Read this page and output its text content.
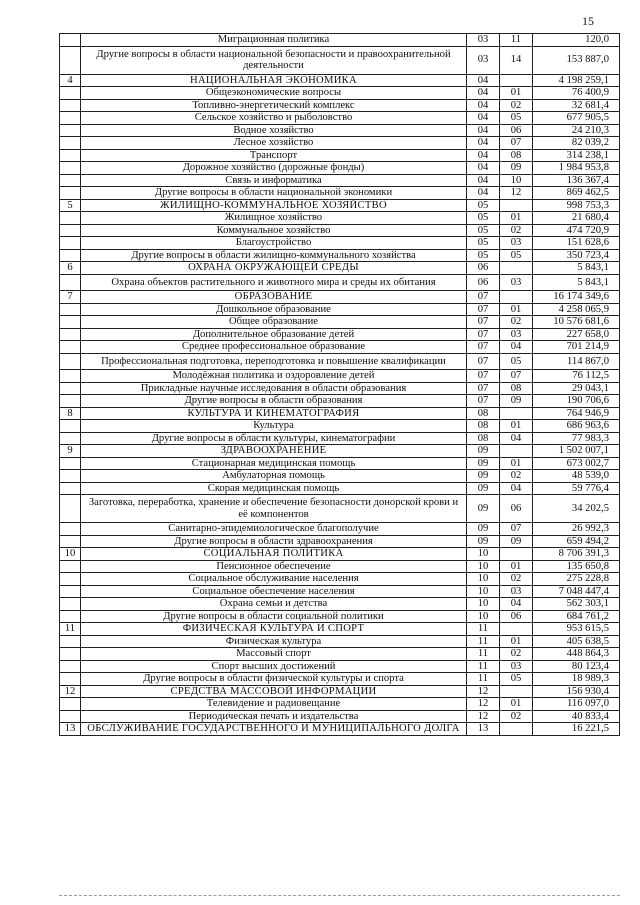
15
	Миграционная политика	03	11	120,0
	Другие вопросы в области национальной безопасности и правоохранительной деятельности	03	14	153 887,0
4	НАЦИОНАЛЬНАЯ ЭКОНОМИКА	04		4 198 259,1
	Общеэкономические вопросы	04	01	76 400,9
	Топливно-энергетический комплекс	04	02	32 681,4
	Сельское хозяйство и рыболовство	04	05	677 905,5
	Водное хозяйство	04	06	24 210,3
	Лесное хозяйство	04	07	82 039,2
	Транспорт	04	08	314 238,1
	Дорожное хозяйство (дорожные фонды)	04	09	1 984 953,8
	Связь и информатика	04	10	136 367,4
	Другие вопросы в области национальной экономики	04	12	869 462,5
5	ЖИЛИЩНО-КОММУНАЛЬНОЕ ХОЗЯЙСТВО	05		998 753,3
	Жилищное хозяйство	05	01	21 680,4
	Коммунальное хозяйство	05	02	474 720,9
	Благоустройство	05	03	151 628,6
	Другие вопросы в области жилищно-коммунального хозяйства	05	05	350 723,4
6	ОХРАНА ОКРУЖАЮЩЕЙ СРЕДЫ	06		5 843,1
	Охрана объектов растительного и животного мира и среды их обитания	06	03	5 843,1
7	ОБРАЗОВАНИЕ	07		16 174 349,6
	Дошкольное образование	07	01	4 258 065,9
	Общее образование	07	02	10 576 681,6
	Дополнительное образование детей	07	03	227 658,0
	Среднее профессиональное образование	07	04	701 214,9
	Профессиональная подготовка, переподготовка и повышение квалификации	07	05	114 867,0
	Молодёжная политика и оздоровление детей	07	07	76 112,5
	Прикладные научные исследования в области образования	07	08	29 043,1
	Другие вопросы в области образования	07	09	190 706,6
8	КУЛЬТУРА И КИНЕМАТОГРАФИЯ	08		764 946,9
	Культура	08	01	686 963,6
	Другие вопросы в области культуры, кинематографии	08	04	77 983,3
9	ЗДРАВООХРАНЕНИЕ	09		1 502 007,1
	Стационарная медицинская помощь	09	01	673 002,7
	Амбулаторная помощь	09	02	48 539,0
	Скорая медицинская помощь	09	04	59 776,4
	Заготовка, переработка, хранение и обеспечение безопасности донорской крови и её компонентов	09	06	34 202,5
	Санитарно-эпидемиологическое благополучие	09	07	26 992,3
	Другие вопросы в области здравоохранения	09	09	659 494,2
10	СОЦИАЛЬНАЯ ПОЛИТИКА	10		8 706 391,3
	Пенсионное обеспечение	10	01	135 650,8
	Социальное обслуживание населения	10	02	275 228,8
	Социальное обеспечение населения	10	03	7 048 447,4
	Охрана семьи и детства	10	04	562 303,1
	Другие вопросы в области социальной политики	10	06	684 761,2
11	ФИЗИЧЕСКАЯ КУЛЬТУРА И СПОРТ	11		953 615,5
	Физическая культура	11	01	405 638,5
	Массовый спорт	11	02	448 864,3
	Спорт высших достижений	11	03	80 123,4
	Другие вопросы в области физической культуры и спорта	11	05	18 989,3
12	СРЕДСТВА МАССОВОЙ ИНФОРМАЦИИ	12		156 930,4
	Телевидение и радиовещание	12	01	116 097,0
	Периодическая печать и издательства	12	02	40 833,4
13	ОБСЛУЖИВАНИЕ ГОСУДАРСТВЕННОГО И МУНИЦИПАЛЬНОГО ДОЛГА	13		16 221,5
